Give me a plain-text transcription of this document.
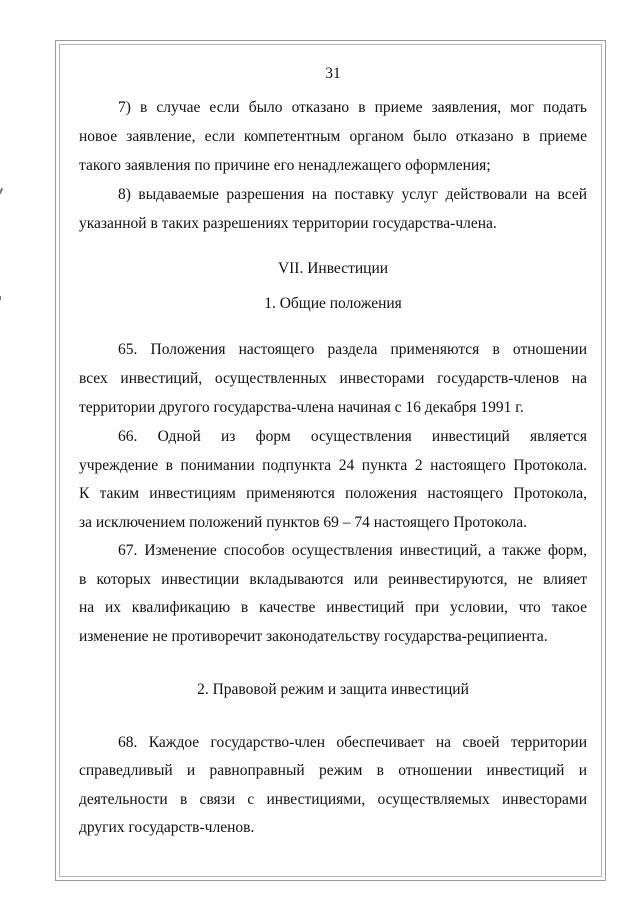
31
7) в случае если было отказано в приеме заявления, мог подать
новое заявление, если компетентным органом было отказано в приеме
такого заявления по причине его ненадлежащего оформления;
8) выдаваемые разрешения на поставку услуг действовали на всей
указанной в таких разрешениях территории государства-члена.
VII. Инвестиции
1. Общие положения
65. Положения настоящего раздела применяются в отношении
всех инвестиций, осуществленных инвесторами государств-членов на
территории другого государства-члена начиная с 16 декабря 1991 г.
66. Одной из форм осуществления инвестиций является
учреждение в понимании подпункта 24 пункта 2 настоящего Протокола.
К таким инвестициям применяются положения настоящего Протокола,
за исключением положений пунктов 69 – 74 настоящего Протокола.
67. Изменение способов осуществления инвестиций, а также форм,
в которых инвестиции вкладываются или реинвестируются, не влияет
на их квалификацию в качестве инвестиций при условии, что такое
изменение не противоречит законодательству государства-реципиента.
2. Правовой режим и защита инвестиций
68. Каждое государство-член обеспечивает на своей территории
справедливый и равноправный режим в отношении инвестиций и
деятельности в связи с инвестициями, осуществляемых инвесторами
других государств-членов.
